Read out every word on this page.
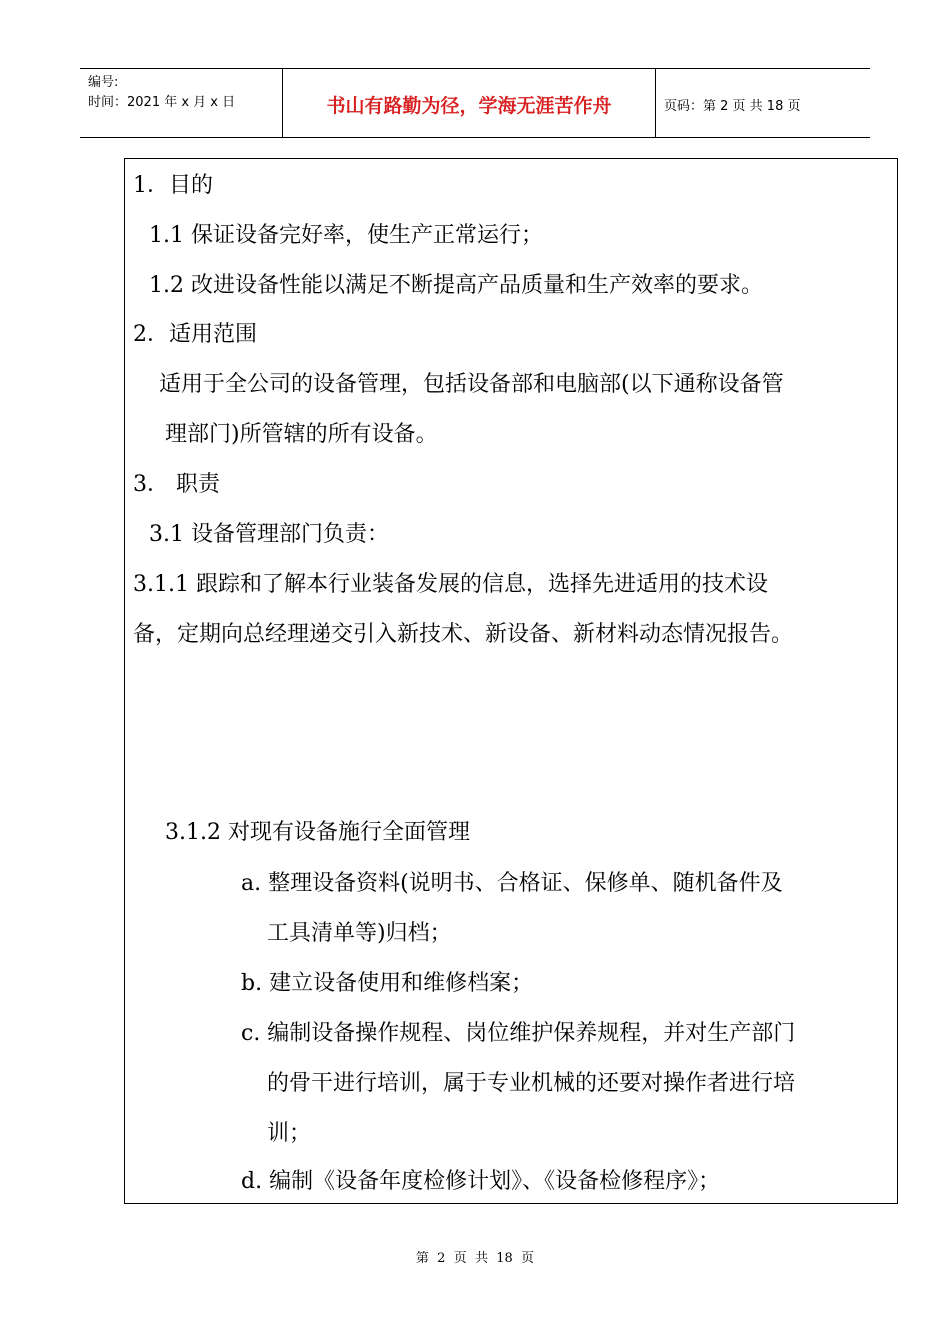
编号:
时间：2021 年 x 月 x 日	书山有路勤为径，学海无涯苦作舟	页码：第 2 页 共 18 页
1．目的
1.1 保证设备完好率，使生产正常运行；
1.2 改进设备性能以满足不断提高产品质量和生产效率的要求。
2．适用范围
适用于全公司的设备管理，包括设备部和电脑部(以下通称设备管
理部门)所管辖的所有设备。
3． 职责
3.1 设备管理部门负责：
3.1.1 跟踪和了解本行业装备发展的信息，选择先进适用的技术设
备，定期向总经理递交引入新技术、新设备、新材料动态情况报告。
3.1.2 对现有设备施行全面管理
a. 整理设备资料(说明书、合格证、保修单、随机备件及
工具清单等)归档；
b. 建立设备使用和维修档案；
c. 编制设备操作规程、岗位维护保养规程，并对生产部门
的骨干进行培训，属于专业机械的还要对操作者进行培
训；
d. 编制《设备年度检修计划》、《设备检修程序》；
第  2  页  共  18  页
